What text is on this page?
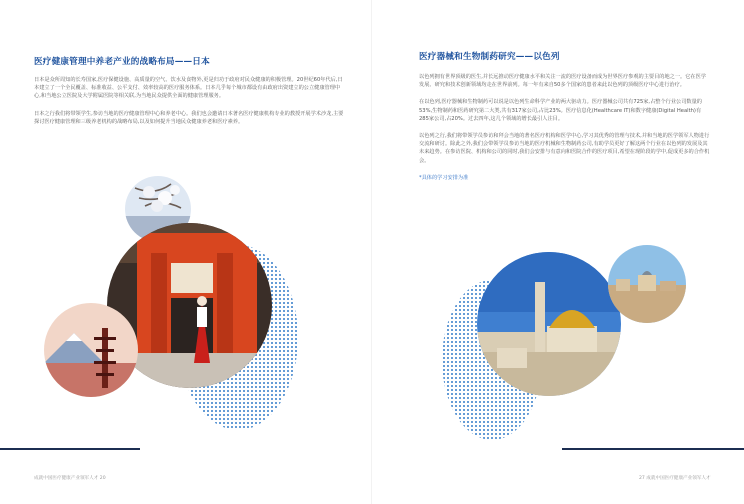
医疗健康管理中养老产业的战略布局——日本

日本是众所周知的长寿国家,医疗保健设施、高质量的空气、饮水及食物外,更是归功于政府对民众健康的积极管理。20世纪60年代后,日本建立了一个全民覆盖、标准收益、公平支付、效率较高的医疗服务体系。日本几乎每个城市都设有由政府出资建立的公立健康管理中心,和当地公立医院及大学附属医院等相关联,为当地民众提供全面的健康管理服务。

日本之行我们将带领学生,参访当地的医疗健康管理中心和养老中心。我们也会邀请日本著名医疗健康机构专业的教授开展学术沙龙,主要探讨医疗健康管理和三级养老机构的战略布局,以及如何提升当地民众健康养老和医疗素养。

成就中国医疗健康产业领军人才 20
医疗器械和生物制药研究——以色列

以色列拥有世界顶级的医生,并长远推动医疗健康水平和关注一流的医疗设备而成为世界医疗参观的主要目的地之一。它在医学发展、研究和技术创新领域均走在世界前列。每一年有来自50多个国家的患者来此以色列的顶级医疗中心进行治疗。

在以色列,医疗器械和生物制药可以说是以色列生命科学产业的两大驱动力。医疗器械公司共有725家,占整个行业公司数量的53%,生物制药和医药研究第二大类,共有317家公司,占比23%。医疗信息化(Healthcare IT)和数字健康(Digital Health)有285家公司,占20%。过去四年,这几个领域的增长最引人注目。

以色列之行,我们将带领学员参访和拜会当地的著名医疗机构和医学中心,学习其优秀的管理与技术,并和当地的医学领军人物进行交流和研讨。除此之外,我们会带领学员参访当地的医疗机械和生物制药公司,有助学员更好了解这两个行业在以色列的发展及其未来趋势。在参访医院、机构和公司的同时,我们会安排与有意向和医院合作的医疗项目,希望在现阶段的学中,促成更多的合作机会。

*具体的学习安排为准

27 成就中国医疗健康产业领军人才
